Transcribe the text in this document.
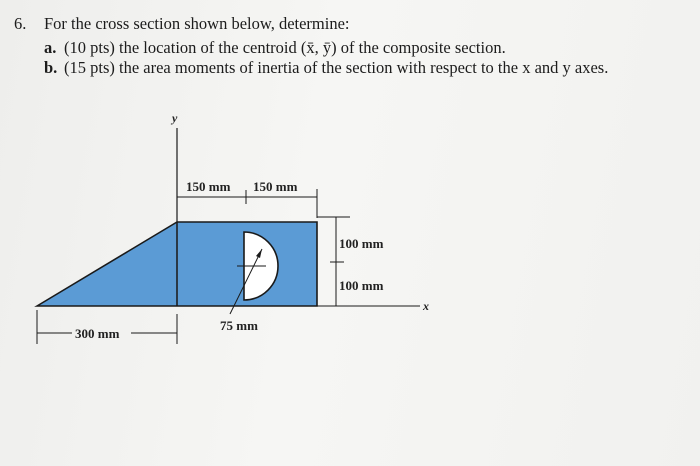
6. For the cross section shown below, determine:
a. (10 pts) the location of the centroid (x̄, ȳ) of the composite section.
b. (15 pts) the area moments of inertia of the section with respect to the x and y axes.
y
x
150 mm 150 mm
100 mm
100 mm
300 mm
75 mm
